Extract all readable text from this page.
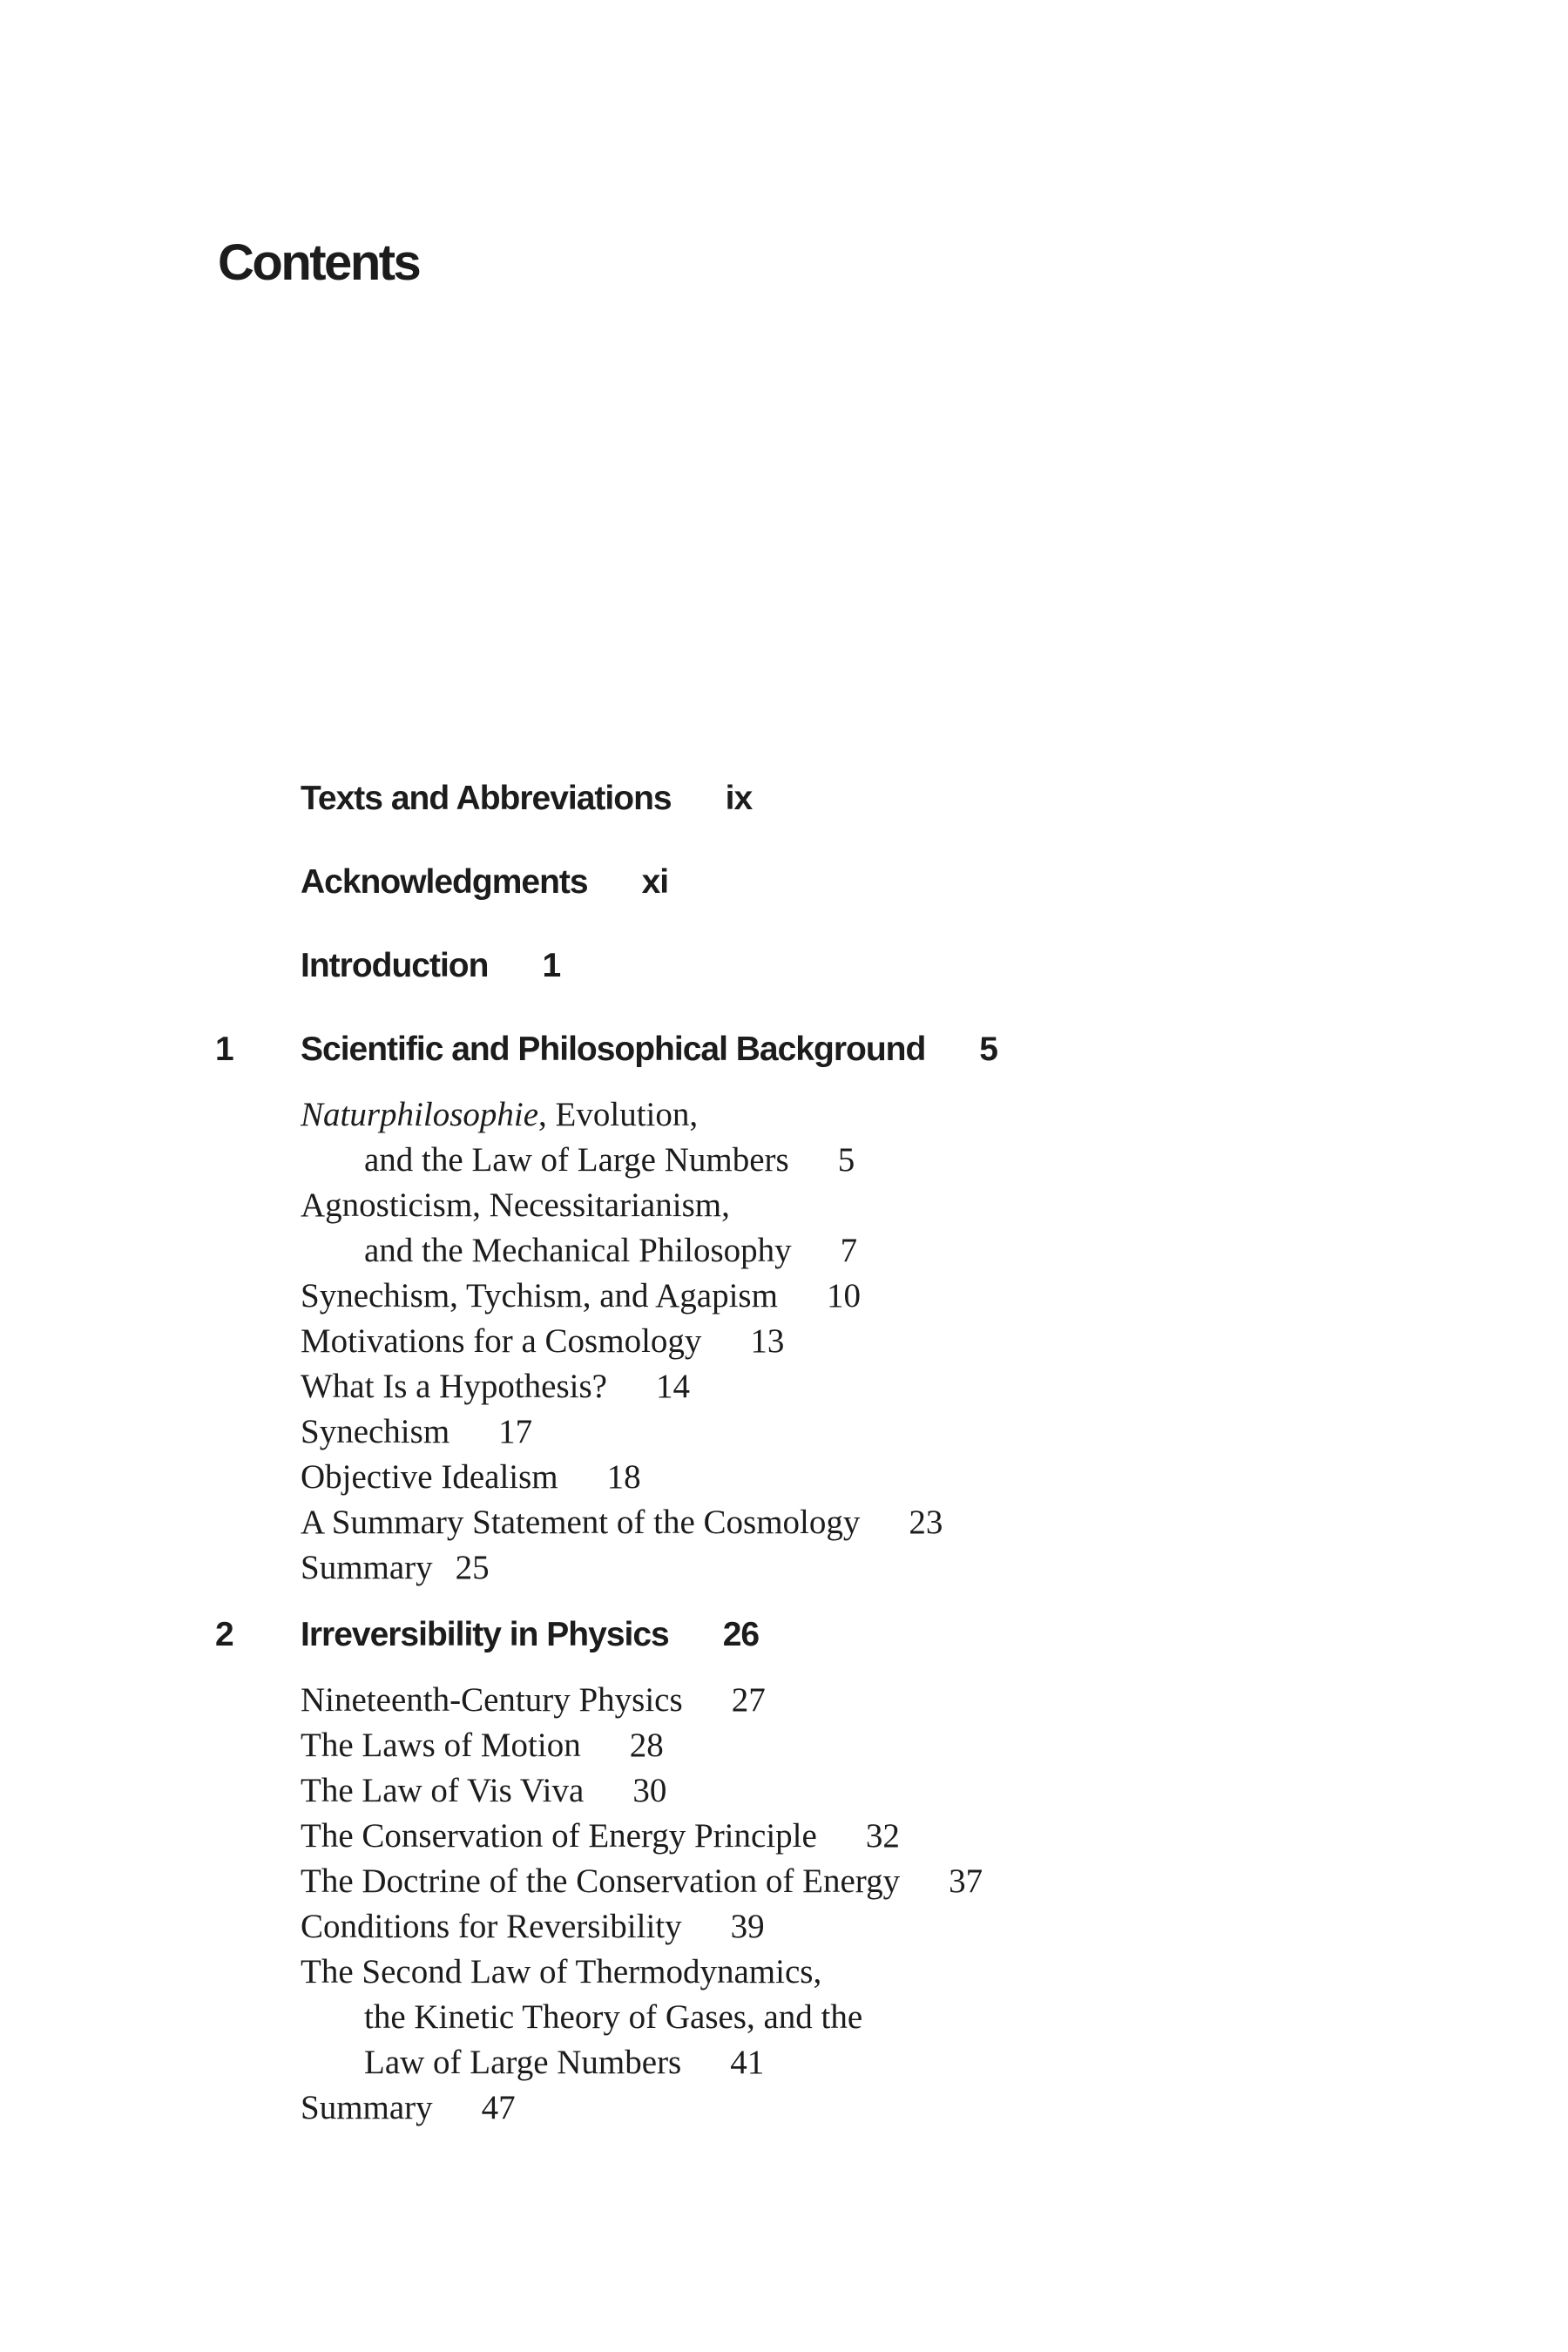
Contents
Texts and Abbreviations ix
Acknowledgments xi
Introduction 1
1 Scientific and Philosophical Background 5
Naturphilosophie, Evolution,
and the Law of Large Numbers 5
Agnosticism, Necessitarianism,
and the Mechanical Philosophy 7
Synechism, Tychism, and Agapism 10
Motivations for a Cosmology 13
What Is a Hypothesis? 14
Synechism 17
Objective Idealism 18
A Summary Statement of the Cosmology 23
Summary 25
2 Irreversibility in Physics 26
Nineteenth-Century Physics 27
The Laws of Motion 28
The Law of Vis Viva 30
The Conservation of Energy Principle 32
The Doctrine of the Conservation of Energy 37
Conditions for Reversibility 39
The Second Law of Thermodynamics,
the Kinetic Theory of Gases, and the
Law of Large Numbers 41
Summary 47
